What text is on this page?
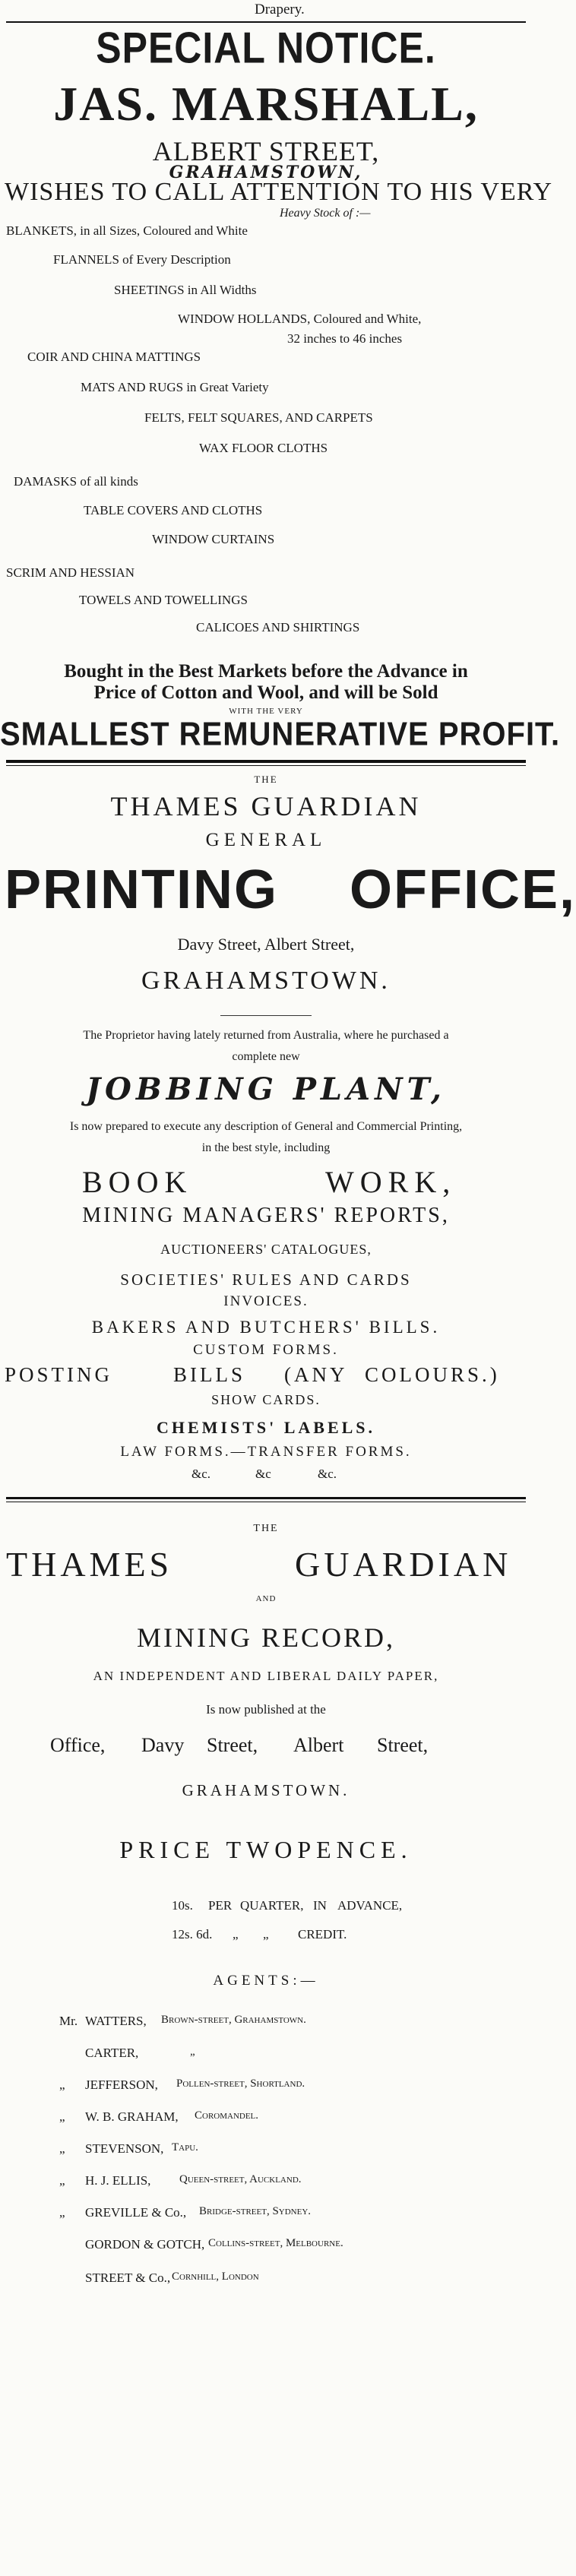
Drapery.
SPECIAL NOTICE.
JAS. MARSHALL,
ALBERT STREET,
GRAHAMSTOWN,
WISHES TO CALL ATTENTION TO HIS VERY
Heavy Stock of :—
BLANKETS, in all Sizes, Coloured and White
FLANNELS of Every Description
SHEETINGS in All Widths
WINDOW HOLLANDS, Coloured and White,
32 inches to 46 inches
COIR AND CHINA MATTINGS
MATS AND RUGS in Great Variety
FELTS, FELT SQUARES, AND CARPETS
WAX FLOOR CLOTHS
DAMASKS of all kinds
TABLE COVERS AND CLOTHS
WINDOW CURTAINS
SCRIM AND HESSIAN
TOWELS AND TOWELLINGS
CALICOES AND SHIRTINGS
Bought in the Best Markets before the Advance in
Price of Cotton and Wool, and will be Sold
WITH THE VERY
SMALLEST REMUNERATIVE PROFIT.
THE
THAMES GUARDIAN
GENERAL
PRINTING OFFICE,
Davy Street, Albert Street,
GRAHAMSTOWN.
The Proprietor having lately returned from Australia, where he purchased a
complete new
JOBBING PLANT,
Is now prepared to execute any description of General and Commercial Printing,
in the best style, including
BOOK	WORK,
MINING MANAGERS' REPORTS,
AUCTIONEERS' CATALOGUES,
SOCIETIES' RULES AND CARDS
INVOICES.
BAKERS AND BUTCHERS' BILLS.
CUSTOM FORMS.
POSTING	BILLS (ANY COLOURS.)
SHOW CARDS.
CHEMISTS' LABELS.
LAW FORMS.—TRANSFER FORMS.
&c.	&c	&c.
THE
THAMES	GUARDIAN
AND
MINING RECORD,
AN INDEPENDENT AND LIBERAL DAILY PAPER,
Is now published at the
Office, Davy Street, Albert Street,
GRAHAMSTOWN.
PRICE TWOPENCE.
10s. PER QUARTER, IN ADVANCE,
12s. 6d. „ „ CREDIT.
AGENTS:—
Mr. WATTERS, Brown-street, Grahamstown.
CARTER,	„
„ JEFFERSON, Pollen-street, Shortland.
„ W. B. GRAHAM, Coromandel.
„ STEVENSON, Tapu.
„ H. J. ELLIS,	Queen-street, Auckland.
„ GREVILLE & Co., Bridge-street, Sydney.
GORDON & GOTCH, Collins-street, Melbourne.
STREET & Co., Cornhill, London
